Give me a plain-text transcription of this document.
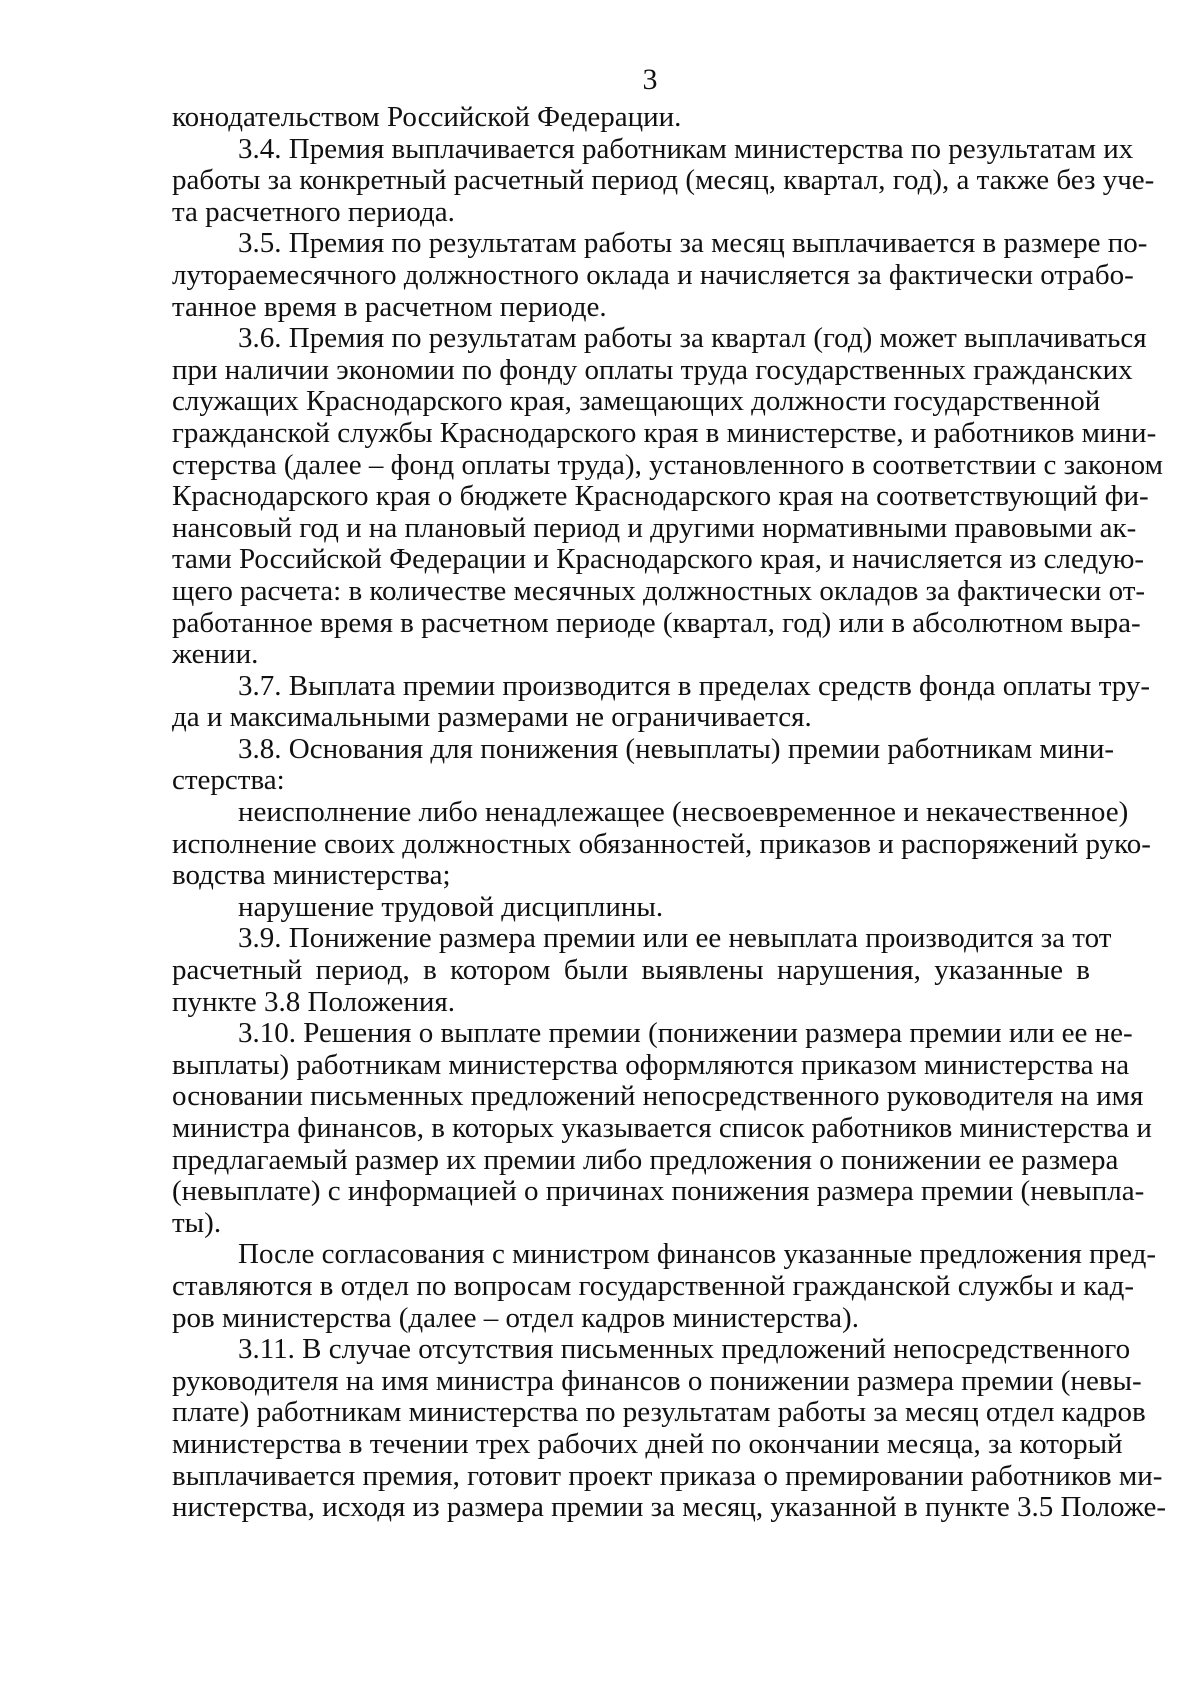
3
конодательством Российской Федерации.
3.4. Премия выплачивается работникам министерства по результатам их
работы за конкретный расчетный период (месяц, квартал, год), а также без уче-
та расчетного периода.
3.5. Премия по результатам работы за месяц выплачивается в размере по-
лутораемесячного должностного оклада и начисляется за фактически отрабо-
танное время в расчетном периоде.
3.6. Премия по результатам работы за квартал (год) может выплачиваться
при наличии экономии по фонду оплаты труда государственных гражданских
служащих Краснодарского края, замещающих должности государственной
гражданской службы Краснодарского края в министерстве, и работников мини-
стерства (далее – фонд оплаты труда), установленного в соответствии с законом
Краснодарского края о бюджете Краснодарского края на соответствующий фи-
нансовый год и на плановый период и другими нормативными правовыми ак-
тами Российской Федерации и Краснодарского края, и начисляется из следую-
щего расчета: в количестве месячных должностных окладов за фактически от-
работанное время в расчетном периоде (квартал, год) или в абсолютном выра-
жении.
3.7. Выплата премии производится в пределах средств фонда оплаты тру-
да и максимальными размерами не ограничивается.
3.8. Основания для понижения (невыплаты) премии работникам мини-
стерства:
неисполнение либо ненадлежащее (несвоевременное и некачественное)
исполнение своих должностных обязанностей, приказов и распоряжений руко-
водства министерства;
нарушение трудовой дисциплины.
3.9. Понижение размера премии или ее невыплата производится за тот
расчетный период, в котором были выявлены нарушения, указанные в
пункте 3.8 Положения.
3.10. Решения о выплате премии (понижении размера премии или ее не-
выплаты) работникам министерства оформляются приказом министерства на
основании письменных предложений непосредственного руководителя на имя
министра финансов, в которых указывается список работников министерства и
предлагаемый размер их премии либо предложения о понижении ее размера
(невыплате) с информацией о причинах понижения размера премии (невыпла-
ты).
После согласования с министром финансов указанные предложения пред-
ставляются в отдел по вопросам государственной гражданской службы и кад-
ров министерства (далее – отдел кадров министерства).
3.11. В случае отсутствия письменных предложений непосредственного
руководителя на имя министра финансов о понижении размера премии (невы-
плате) работникам министерства по результатам работы за месяц отдел кадров
министерства в течении трех рабочих дней по окончании месяца, за который
выплачивается премия, готовит проект приказа о премировании работников ми-
нистерства, исходя из размера премии за месяц, указанной в пункте 3.5 Положе-
